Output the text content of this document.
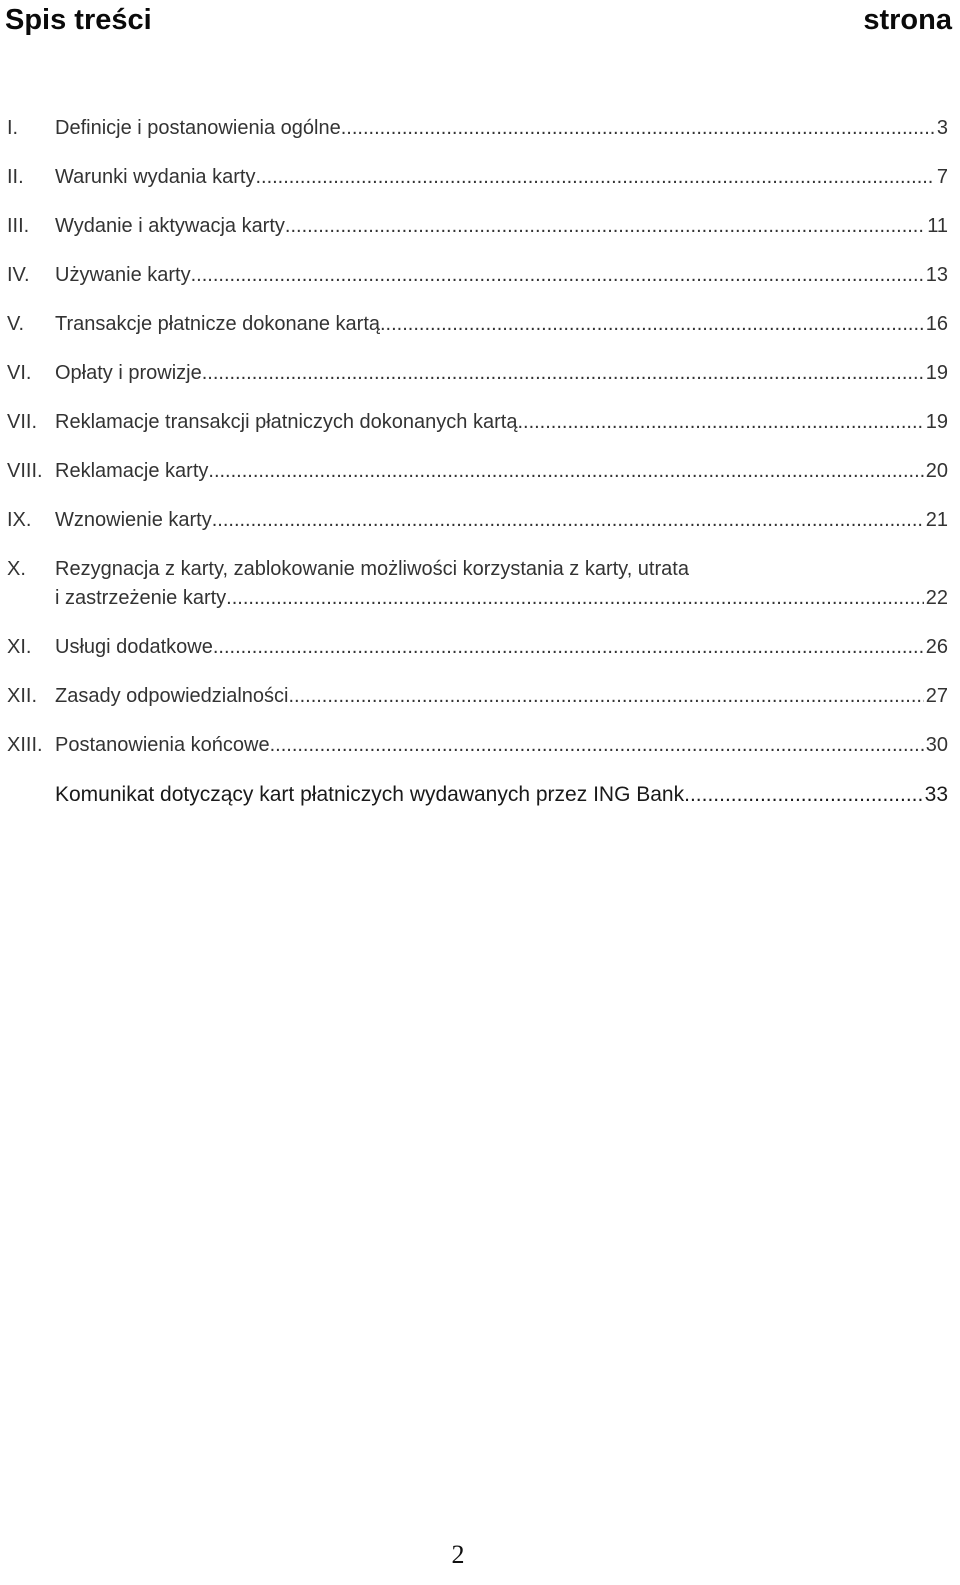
Spis treści	strona
I.	Definicje i postanowienia ogólne .....	3
II.	Warunki wydania karty .....	7
III.	Wydanie i aktywacja karty .....	11
IV.	Używanie karty .....	13
V.	Transakcje płatnicze dokonane kartą .....	16
VI.	Opłaty i prowizje .....	19
VII. Reklamacje transakcji płatniczych dokonanych kartą .....	19
VIII. Reklamacje karty .....	20
IX.	Wznowienie karty .....	21
X.	Rezygnacja z karty, zablokowanie możliwości korzystania z karty, utrata
i zastrzeżenie karty .....	22
XI.	Usługi dodatkowe .....	26
XII. Zasady odpowiedzialności .....	27
XIII. Postanowienia końcowe .....	30
Komunikat dotyczący kart płatniczych wydawanych przez ING Bank .....	33
2
